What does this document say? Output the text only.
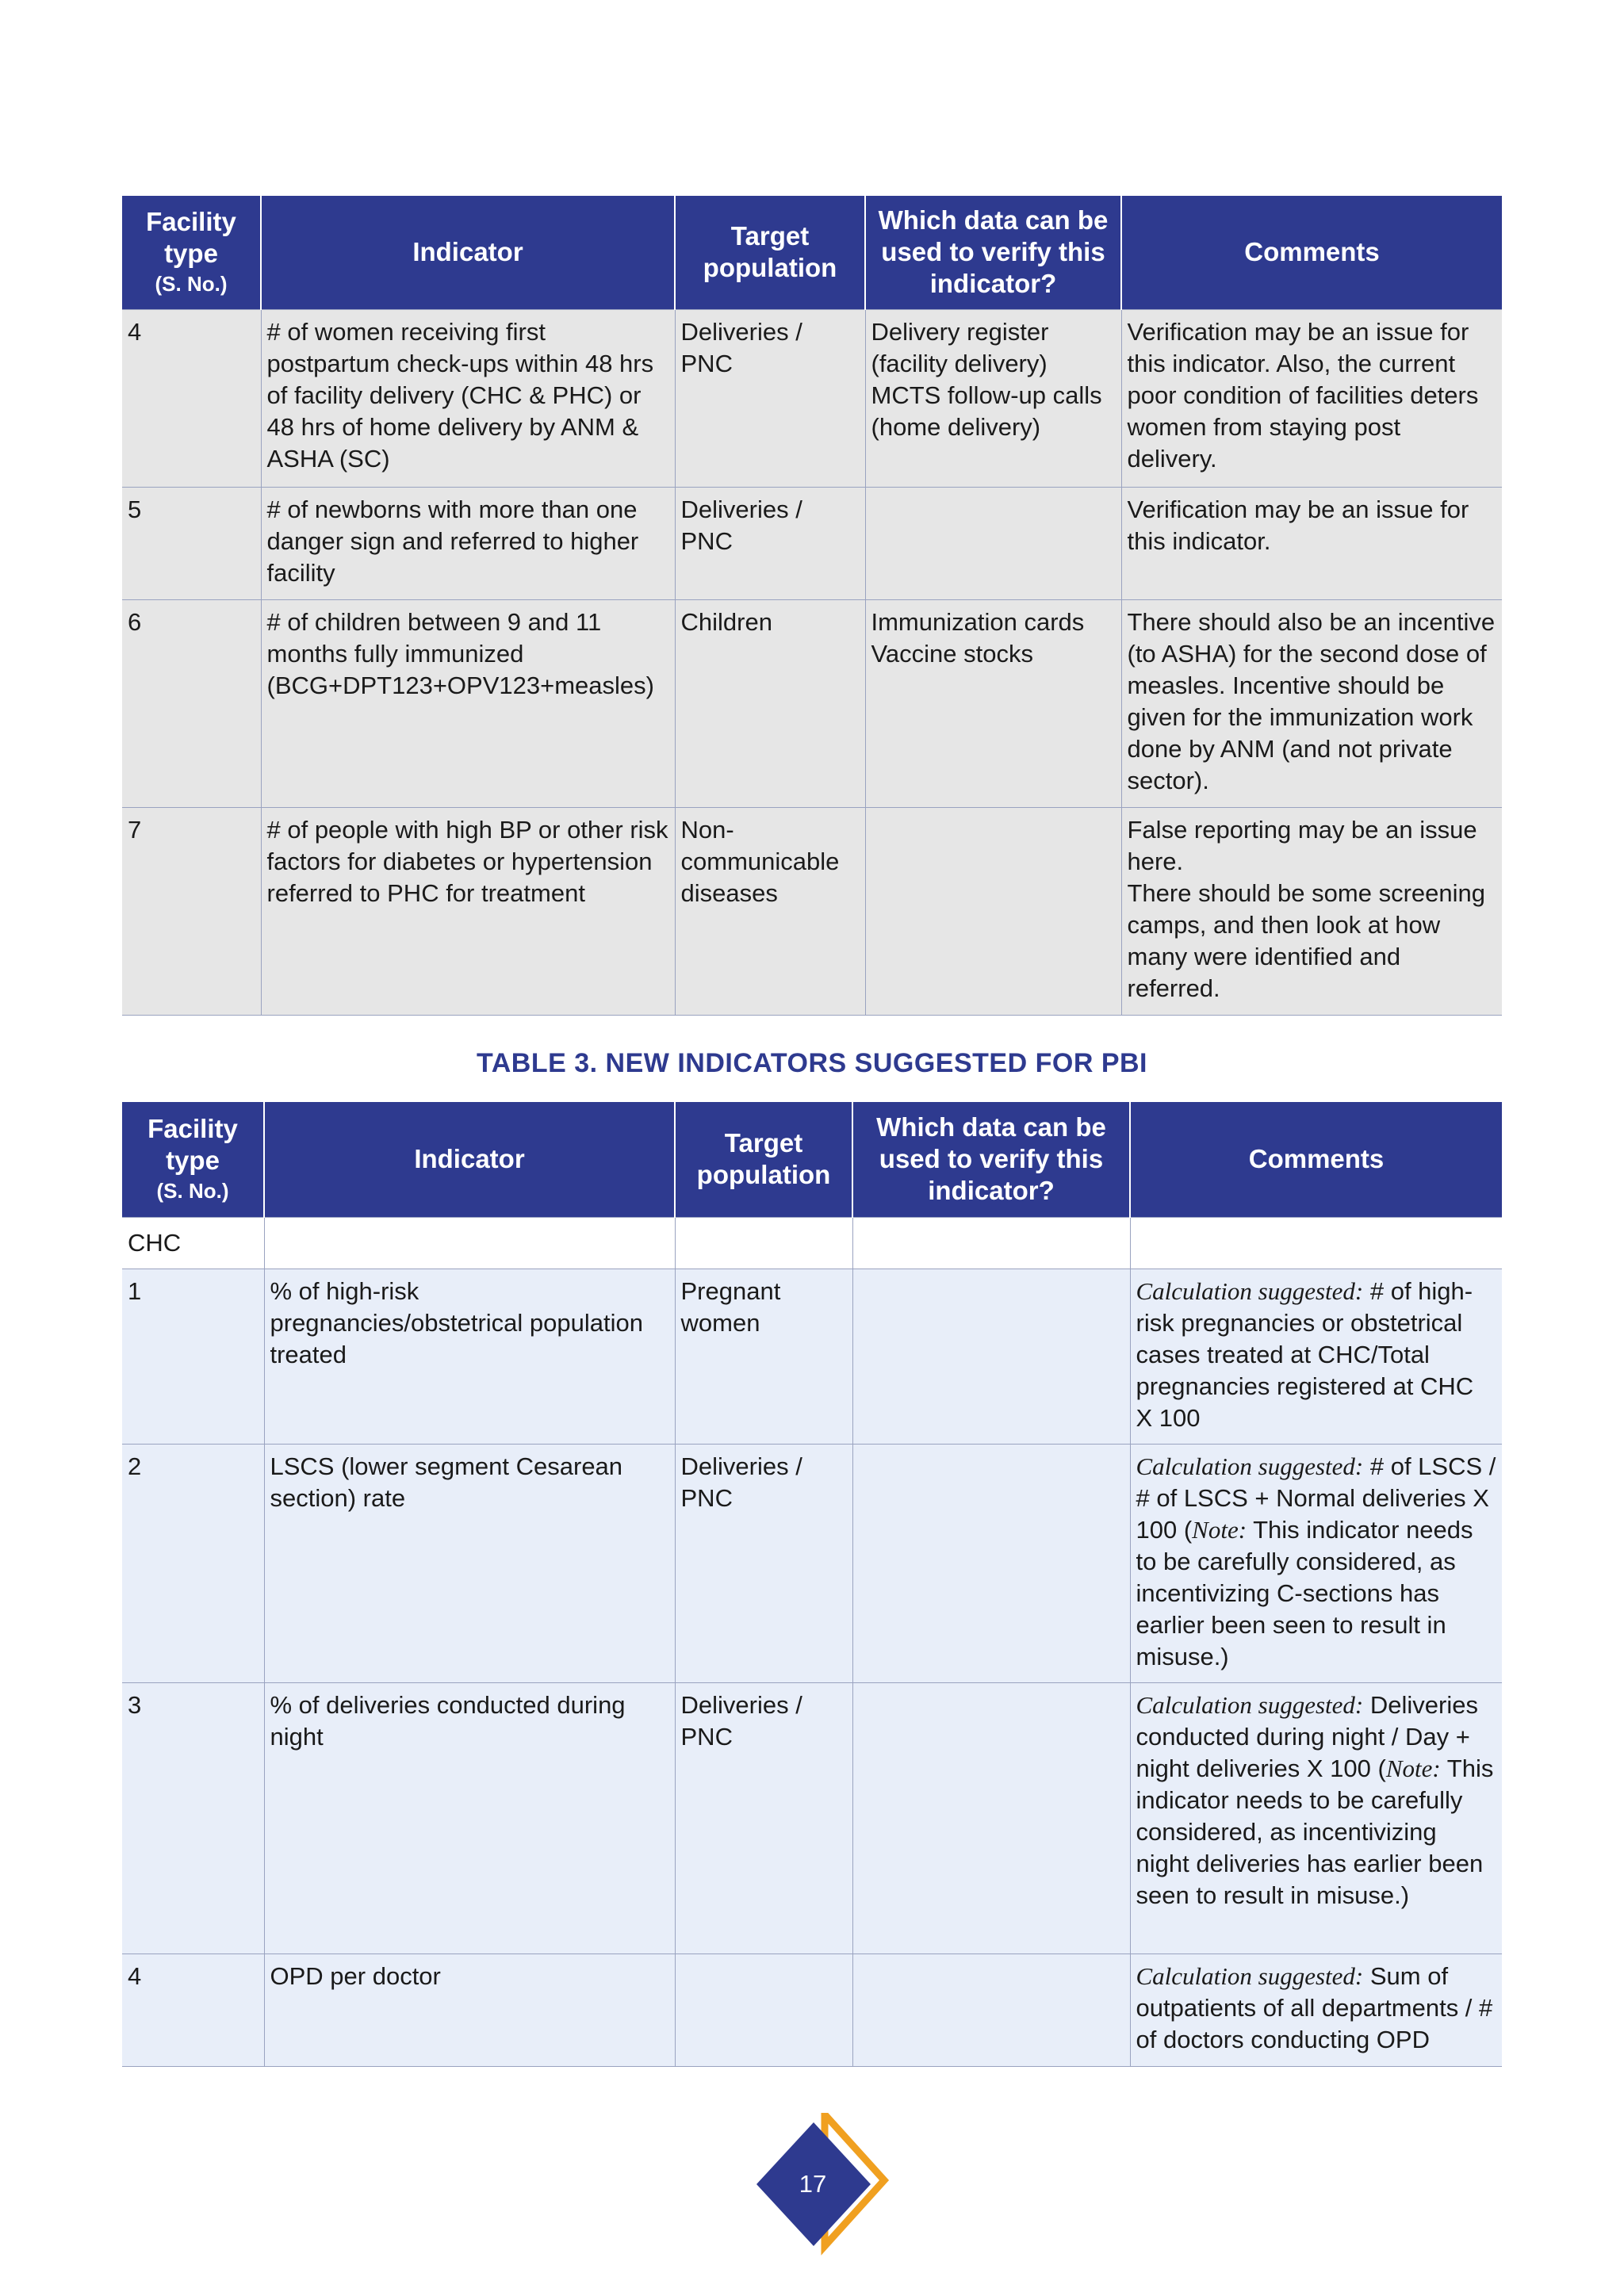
Facility type
(S. No.)	Indicator	Target population	Which data can be used to verify this indicator?	Comments
4	# of women receiving first postpartum check-ups within 48 hrs of facility delivery (CHC & PHC) or 48 hrs of home delivery by ANM & ASHA (SC)	Deliveries / PNC	Delivery register (facility delivery) MCTS follow-up calls (home delivery)	Verification may be an issue for this indicator. Also, the current poor condition of facilities deters women from staying post delivery.
5	# of newborns with more than one danger sign and referred to higher facility	Deliveries / PNC		Verification may be an issue for this indicator.
6	# of children between 9 and 11 months fully immunized (BCG+DPT123+OPV123+measles)	Children	Immunization cards Vaccine stocks	There should also be an incentive (to ASHA) for the second dose of measles. Incentive should be given for the immunization work done by ANM (and not private sector).
7	# of people with high BP or other risk factors for diabetes or hypertension referred to PHC for treatment	Non-communicable diseases		False reporting may be an issue here.
There should be some screening camps, and then look at how many were identified and referred.
TABLE 3. NEW INDICATORS SUGGESTED FOR PBI
Facility type
(S. No.)	Indicator	Target population	Which data can be used to verify this indicator?	Comments
CHC				
1	% of high-risk pregnancies/obstetrical population treated	Pregnant women		Calculation suggested: # of high-risk pregnancies or obstetrical cases treated at CHC/Total pregnancies registered at CHC X 100
2	LSCS (lower segment Cesarean section) rate	Deliveries / PNC		Calculation suggested: # of LSCS / # of LSCS + Normal deliveries X 100 (Note: This indicator needs to be carefully considered, as incentivizing C-sections has earlier been seen to result in misuse.)
3	% of deliveries conducted during night	Deliveries / PNC		Calculation suggested: Deliveries conducted during night / Day + night deliveries X 100 (Note: This indicator needs to be carefully considered, as incentivizing night deliveries has earlier been seen to result in misuse.)
4	OPD per doctor			Calculation suggested: Sum of outpatients of all departments / # of doctors conducting OPD
17
